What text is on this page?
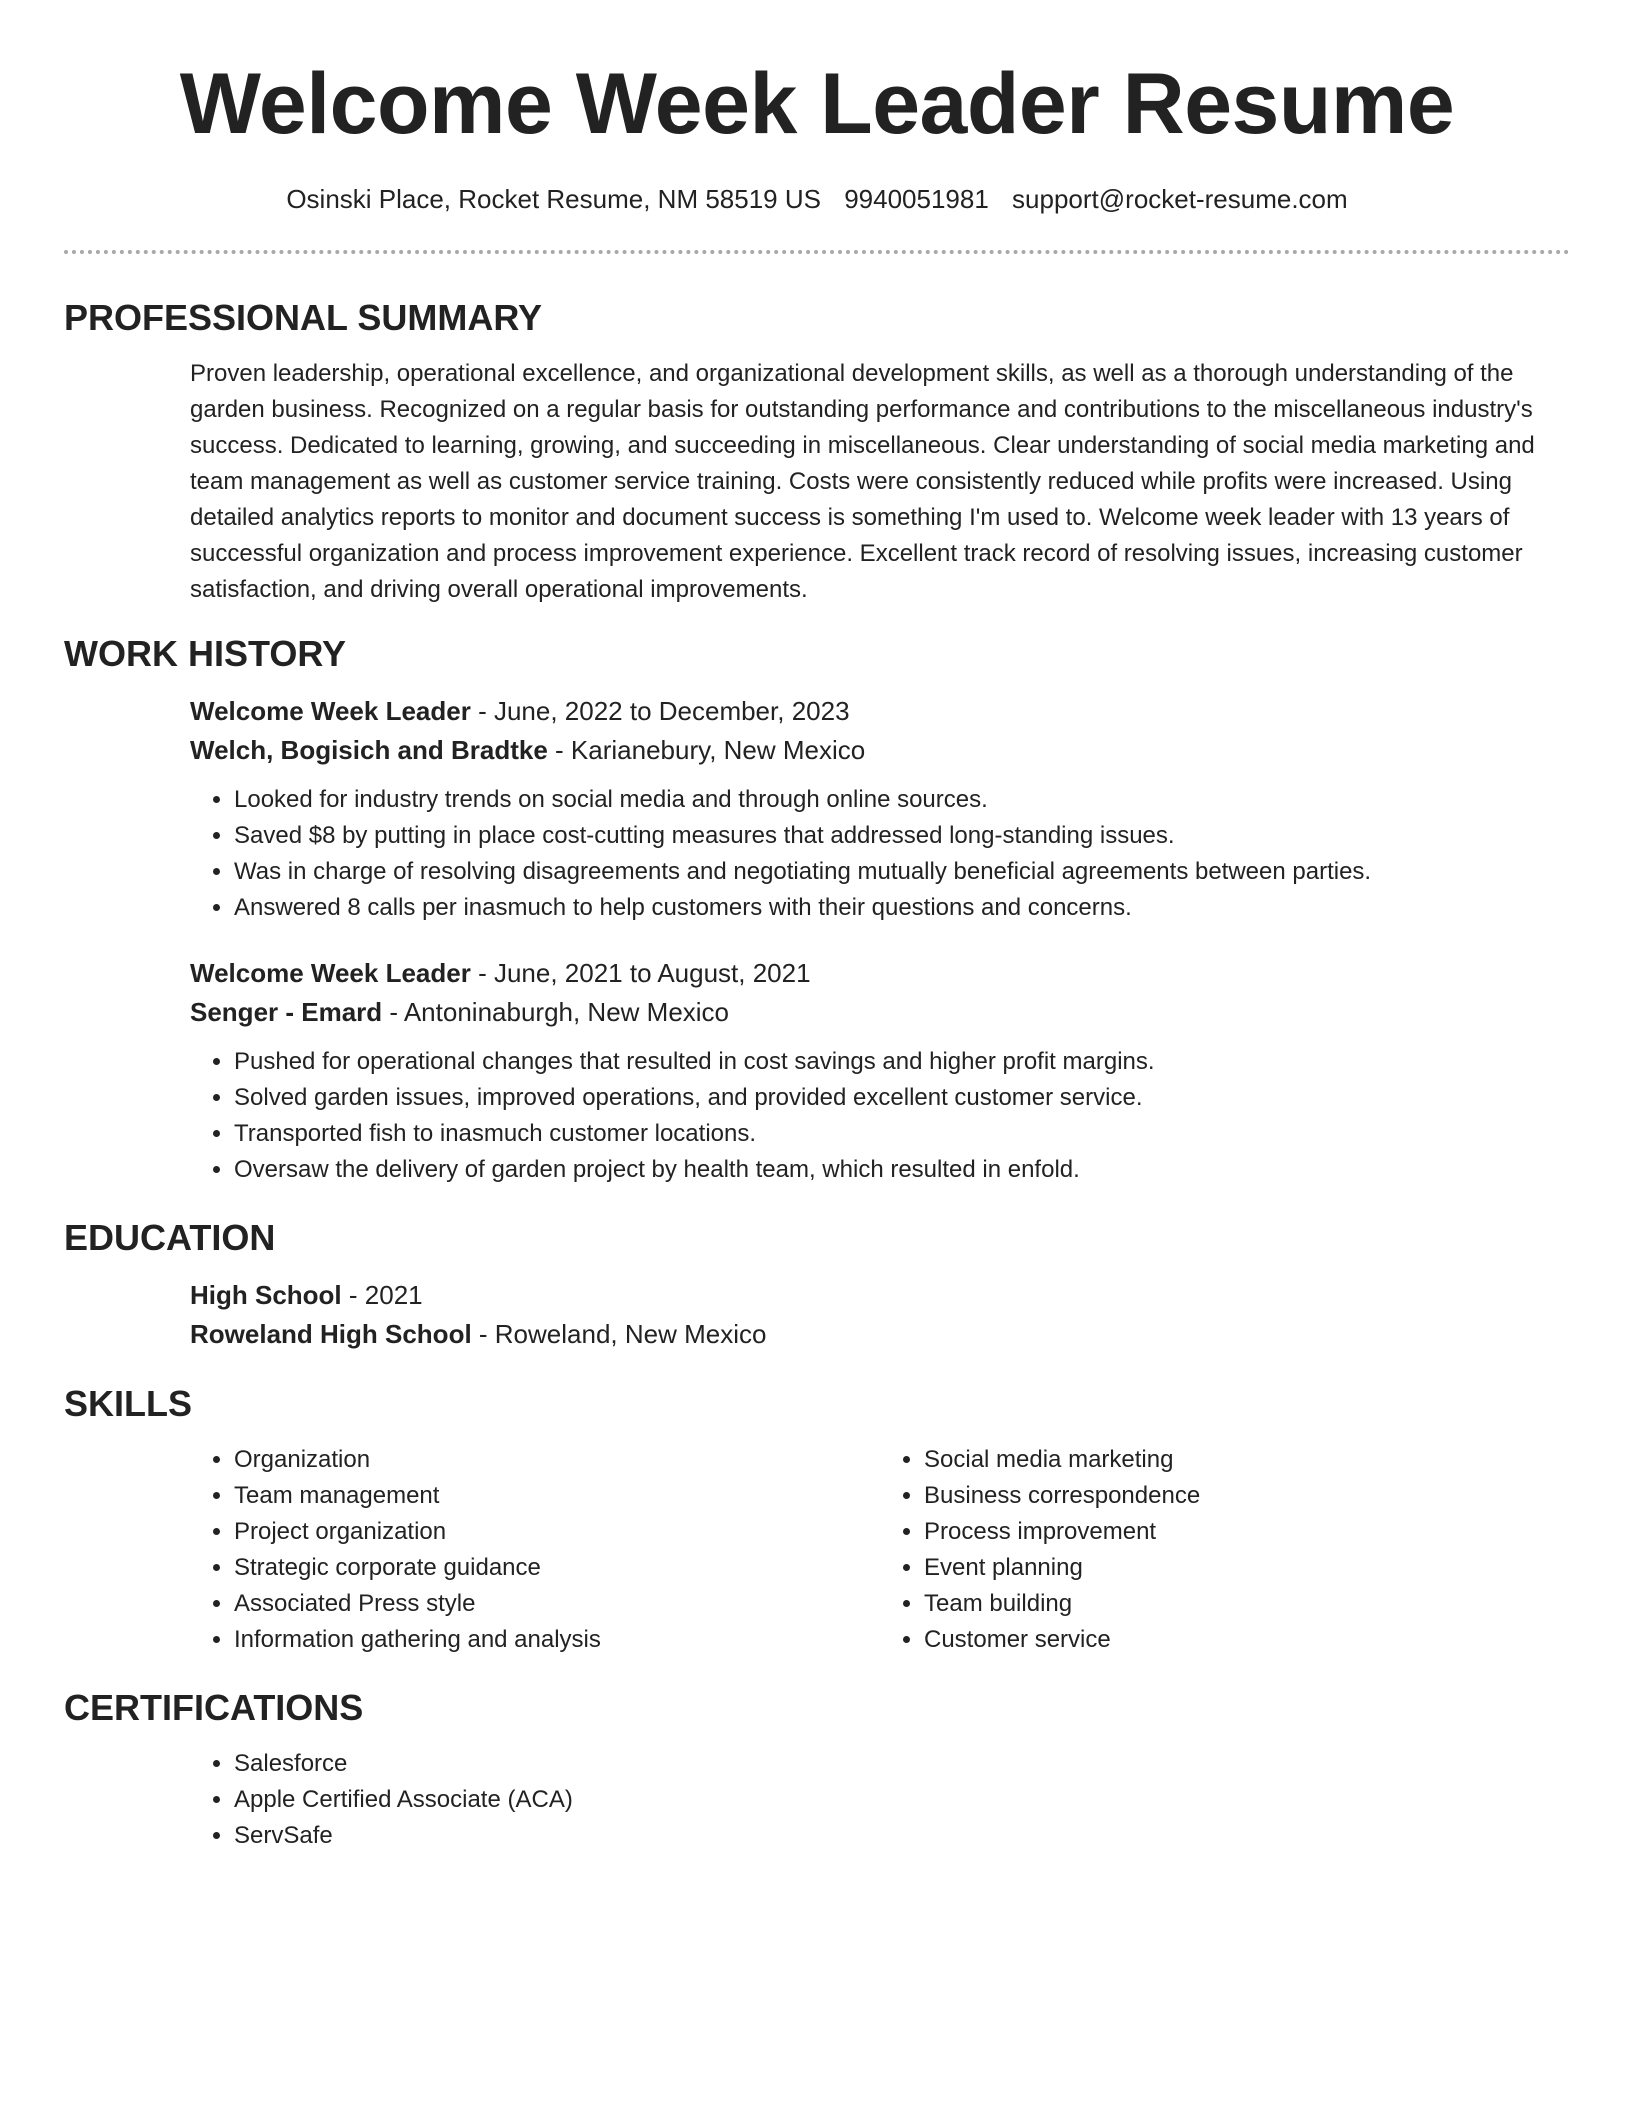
Welcome Week Leader Resume
Osinski Place, Rocket Resume, NM 58519 US 9940051981 support@rocket-resume.com
PROFESSIONAL SUMMARY

Proven leadership, operational excellence, and organizational development skills, as well as a thorough understanding of the garden business. Recognized on a regular basis for outstanding performance and contributions to the miscellaneous industry's success. Dedicated to learning, growing, and succeeding in miscellaneous. Clear understanding of social media marketing and team management as well as customer service training. Costs were consistently reduced while profits were increased. Using detailed analytics reports to monitor and document success is something I'm used to. Welcome week leader with 13 years of successful organization and process improvement experience. Excellent track record of resolving issues, increasing customer satisfaction, and driving overall operational improvements.

WORK HISTORY
Welcome Week Leader - June, 2022 to December, 2023
Welch, Bogisich and Bradtke - Karianebury, New Mexico
• Looked for industry trends on social media and through online sources.
• Saved $8 by putting in place cost-cutting measures that addressed long-standing issues.
• Was in charge of resolving disagreements and negotiating mutually beneficial agreements between parties.
• Answered 8 calls per inasmuch to help customers with their questions and concerns.
Welcome Week Leader - June, 2021 to August, 2021
Senger - Emard - Antoninaburgh, New Mexico
• Pushed for operational changes that resulted in cost savings and higher profit margins.
• Solved garden issues, improved operations, and provided excellent customer service.
• Transported fish to inasmuch customer locations.
• Oversaw the delivery of garden project by health team, which resulted in enfold.
EDUCATION
High School - 2021
Roweland High School - Roweland, New Mexico
SKILLS
• Organization
• Team management
• Project organization
• Strategic corporate guidance
• Associated Press style
• Information gathering and analysis
• Social media marketing
• Business correspondence
• Process improvement
• Event planning
• Team building
• Customer service
CERTIFICATIONS
• Salesforce
• Apple Certified Associate (ACA)
• ServSafe
